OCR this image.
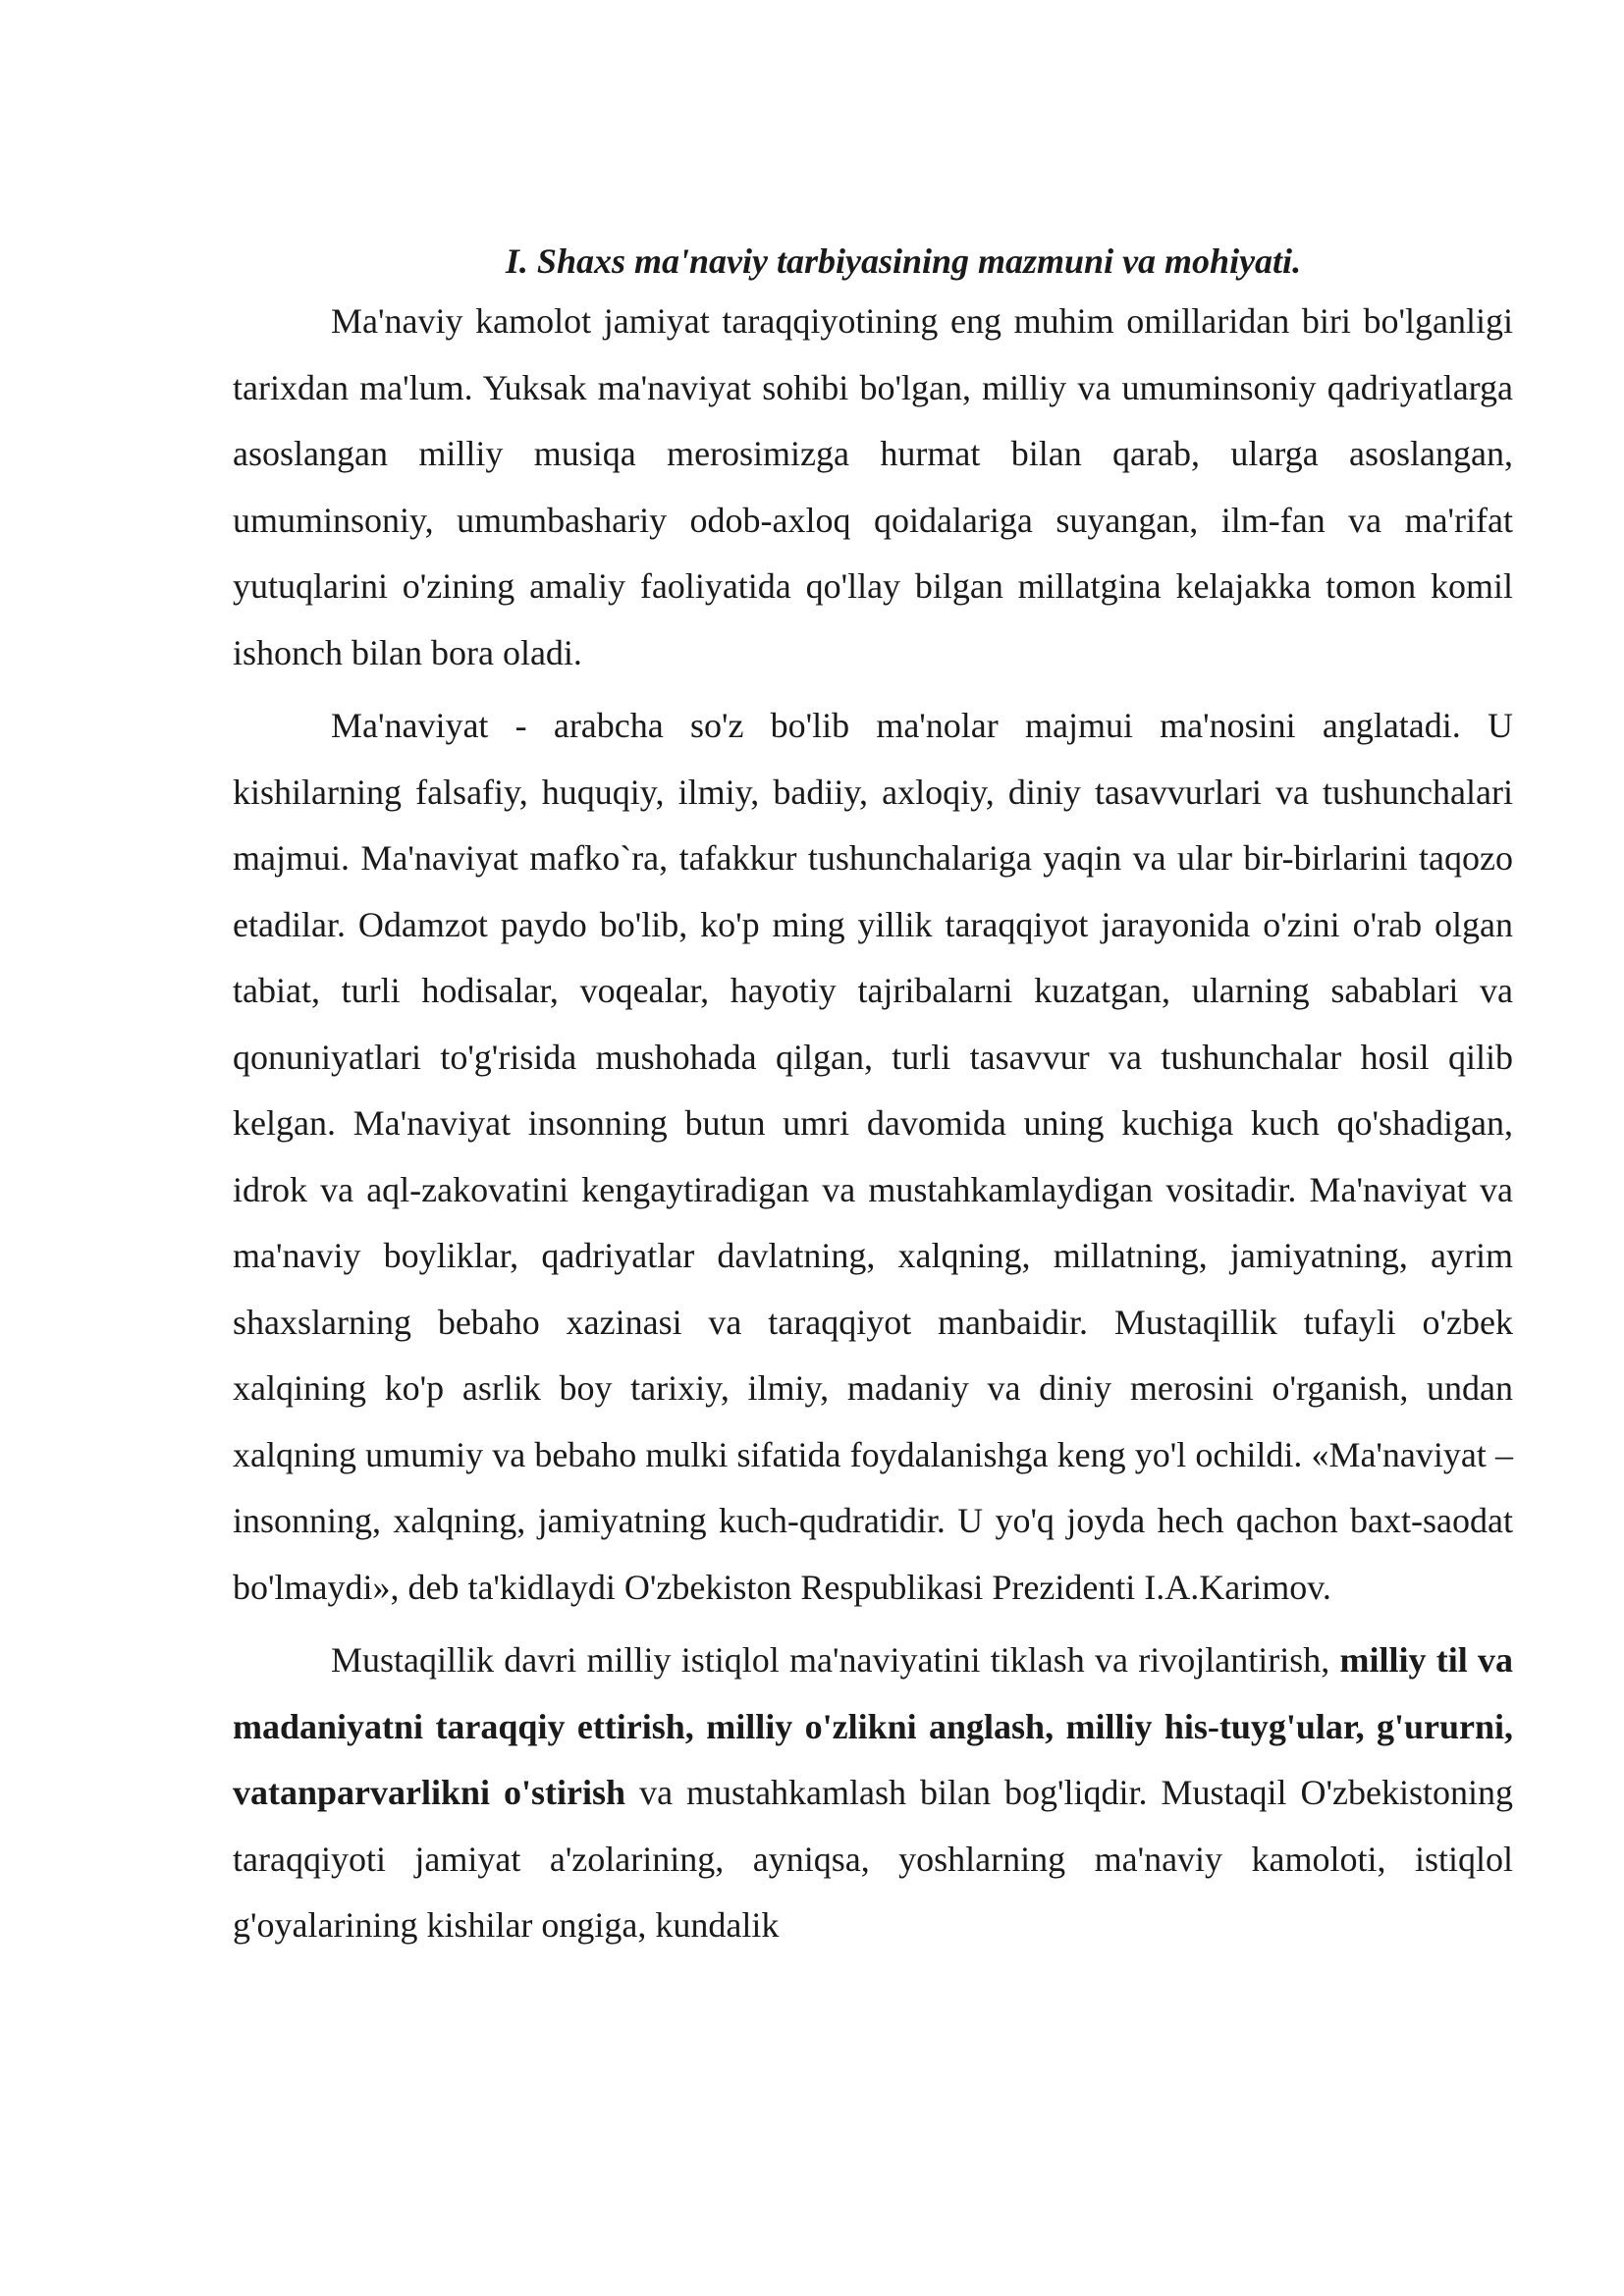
I. Shaxs ma'naviy tarbiyasining mazmuni va mohiyati.

Ma'naviy kamolot jamiyat taraqqiyotining eng muhim omillaridan biri bo'lganligi tarixdan ma'lum. Yuksak ma'naviyat sohibi bo'lgan, milliy va umuminsoniy qadriyatlarga asoslangan milliy musiqa merosimizga hurmat bilan qarab, ularga asoslangan, umuminsoniy, umumbashariy odob-axloq qoidalariga suyangan, ilm-fan va ma'rifat yutuqlarini o'zining amaliy faoliyatida qo'llay bilgan millatgina kelajakka tomon komil ishonch bilan bora oladi.

Ma'naviyat - arabcha so'z bo'lib ma'nolar majmui ma'nosini anglatadi. U kishilarning falsafiy, huquqiy, ilmiy, badiiy, axloqiy, diniy tasavvurlari va tushunchalari majmui. Ma'naviyat mafko`ra, tafakkur tushunchalariga yaqin va ular bir-birlarini taqozo etadilar. Odamzot paydo bo'lib, ko'p ming yillik taraqqiyot jarayonida o'zini o'rab olgan tabiat, turli hodisalar, voqealar, hayotiy tajribalarni kuzatgan, ularning sabablari va qonuniyatlari to'g'risida mushohada qilgan, turli tasavvur va tushunchalar hosil qilib kelgan. Ma'naviyat insonning butun umri davomida uning kuchiga kuch qo'shadigan, idrok va aql-zakovatini kengaytiradigan va mustahkamlaydigan vositadir. Ma'naviyat va ma'naviy boyliklar, qadriyatlar davlatning, xalqning, millatning, jamiyatning, ayrim shaxslarning bebaho xazinasi va taraqqiyot manbaidir. Mustaqillik tufayli o'zbek xalqining ko'p asrlik boy tarixiy, ilmiy, madaniy va diniy merosini o'rganish, undan xalqning umumiy va bebaho mulki sifatida foydalanishga keng yo'l ochildi. «Ma'naviyat – insonning, xalqning, jamiyatning kuch-qudratidir. U yo'q joyda hech qachon baxt-saodat bo'lmaydi», deb ta'kidlaydi O'zbekiston Respublikasi Prezidenti I.A.Karimov.

Mustaqillik davri milliy istiqlol ma'naviyatini tiklash va rivojlantirish, milliy til va madaniyatni taraqqiy ettirish, milliy o'zlikni anglash, milliy his-tuyg'ular, g'ururni, vatanparvarlikni o'stirish va mustahkamlash bilan bog'liqdir. Mustaqil O'zbekistoning taraqqiyoti jamiyat a'zolarining, ayniqsa, yoshlarning ma'naviy kamoloti, istiqlol g'oyalarining kishilar ongiga, kundalik
